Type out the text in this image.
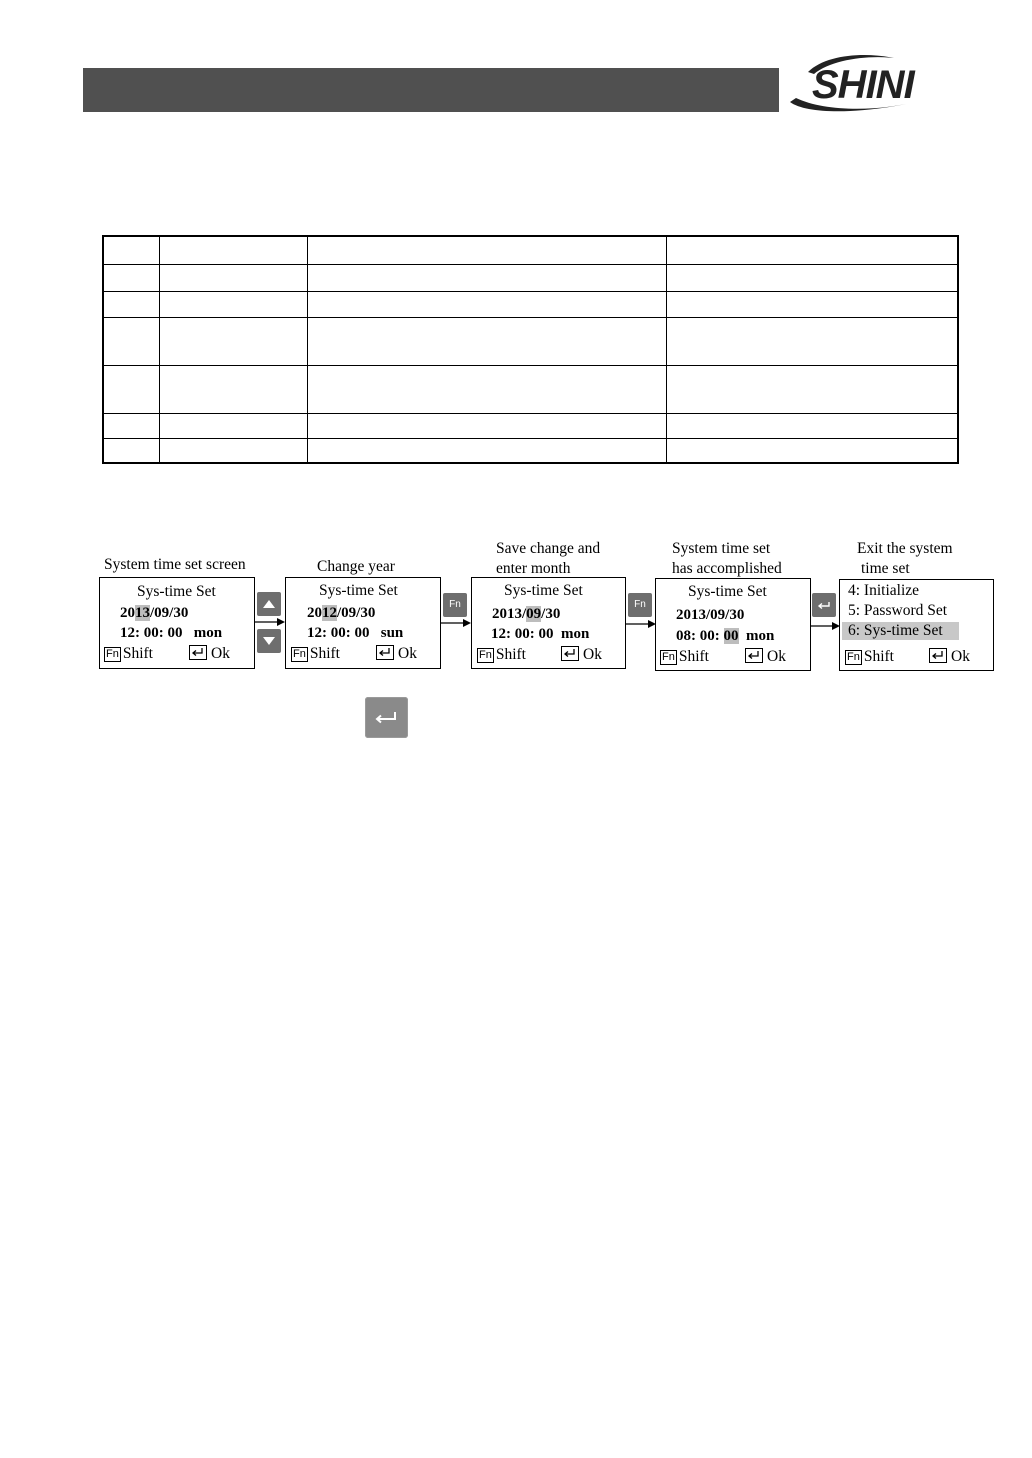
SHINI

System time set screen	Change year
Save change and
enter month
System time set
has accomplished
Exit the system
time set
Sys-time Set
2013/09/30
12: 00: 00 mon
Fn Shift	Ok
Sys-time Set
2012/09/30
12: 00: 00 sun
Fn Shift	Ok
Fn
Sys-time Set
2013/09/30
12: 00: 00 mon
Fn Shift	Ok
Fn
Sys-time Set
2013/09/30
08: 00: 00 mon
Fn Shift	Ok
4: Initialize
5: Password Set
6: Sys-time Set
Fn Shift	Ok
